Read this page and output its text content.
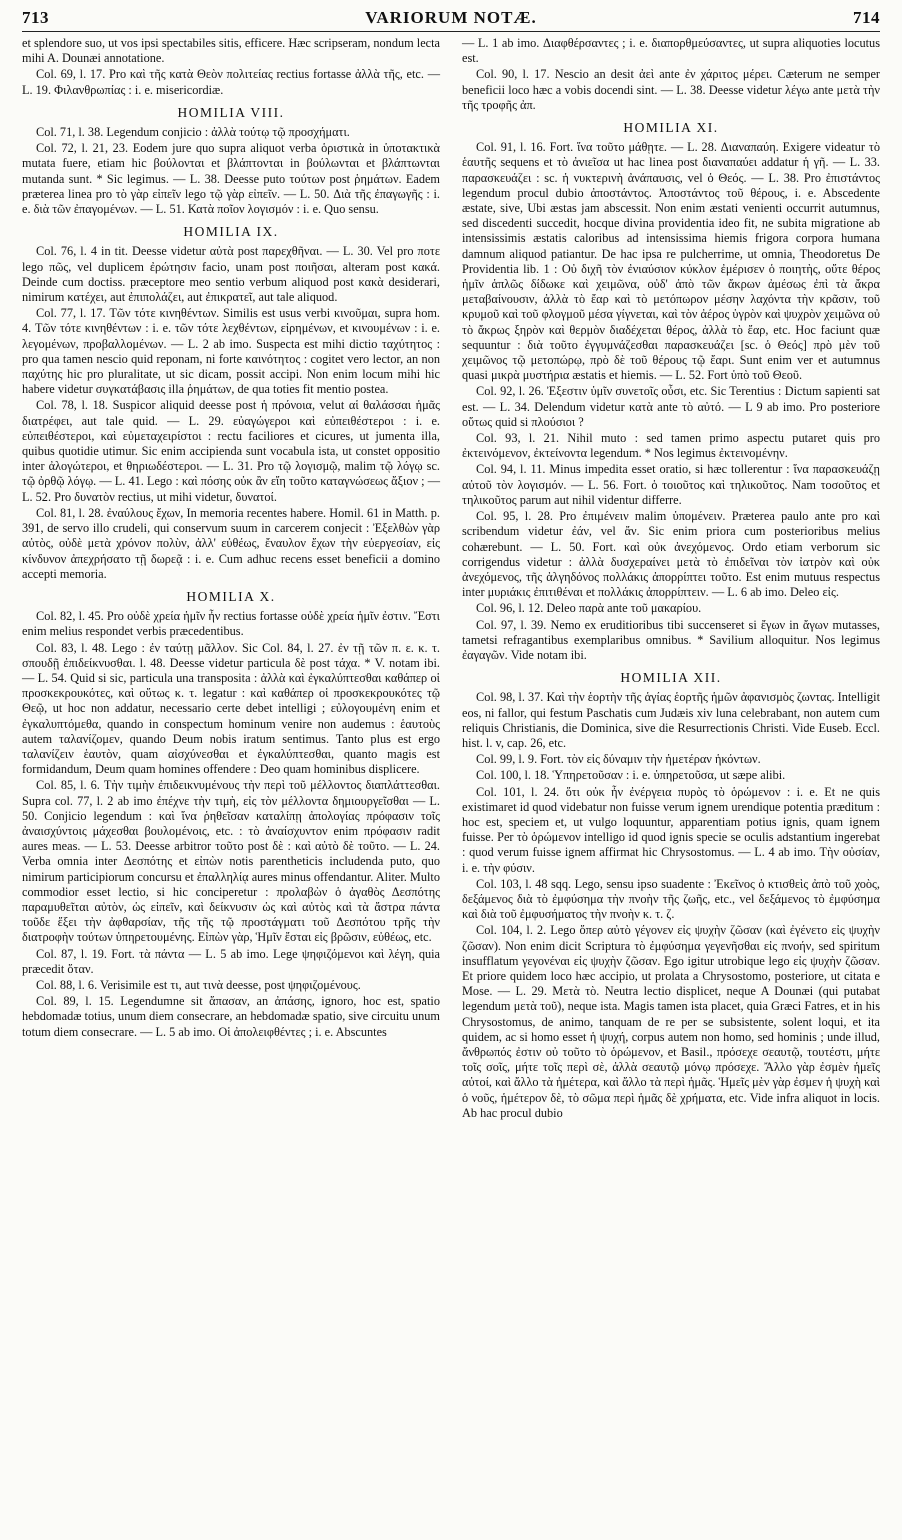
713	VARIORUM NOTÆ.	714

et splendore suo, ut vos ipsi spectabiles sitis, efficere. Hæc scripseram, nondum lecta mihi A. Dounæi annotatione.

Col. 69, l. 17. Pro καὶ τῆς κατὰ Θεὸν πολιτείας rectius fortasse ἀλλὰ τῆς, etc. — L. 19. Φιλανθρωπίας : i. e. misericordiæ.

HOMILIA VIII.

Col. 71, l. 38. Legendum conjicio : ἀλλὰ τούτῳ τῷ προσχήματι.

Col. 72, l. 21, 23. Eodem jure quo supra aliquot verba ὁριστικὰ in ὑποτακτικὰ mutata fuere, etiam hic βούλονται et βλάπτονται in βούλωνται et βλάπτωνται mutanda sunt. * Sic legimus. — L. 38. Deesse puto τούτων post ῥημάτων. Eadem præterea linea pro τὸ γὰρ εἰπεῖν lego τῷ γὰρ εἰπεῖν. — L. 50. Διὰ τῆς ἐπαγωγῆς : i. e. διὰ τῶν ἐπαγομένων. — L. 51. Κατὰ ποῖον λογισμόν : i. e. Quo sensu.

HOMILIA IX.

Col. 76, l. 4 in tit. Deesse videtur αὐτὰ post παρεχθῆναι. — L. 30. Vel pro ποτε lego πῶς, vel duplicem ἐρώτησιν facio, unam post ποιῆσαι, alteram post κακά. Deinde cum doctiss. præceptore meo sentio verbum aliquod post κακὰ desiderari, nimirum κατέχει, aut ἐπιπολάζει, aut ἐπικρατεῖ, aut tale aliquod.

Col. 77, l. 17. Τῶν τότε κινηθέντων. Similis est usus verbi κινοῦμαι, supra hom. 4. Τῶν τότε κινηθέντων : i. e. τῶν τότε λεχθέντων, εἰρημένων, et κινουμένων : i. e. λεγομένων, προβαλλομένων. — L. 2 ab imo. Suspecta est mihi dictio ταχύτητος : pro qua tamen nescio quid reponam, ni forte καινότητος : cogitet vero lector, an non παχύτης hic pro pluralitate, ut sic dicam, possit accipi. Non enim locum mihi hic habere videtur συγκατάβασις illa ῥημάτων, de qua toties fit mentio postea.

Col. 78, l. 18. Suspicor aliquid deesse post ἡ πρόνοια, velut αἱ θαλάσσαι ἡμᾶς διατρέφει, aut tale quid. — L. 29. εὐαγώγεροι καὶ εὐπειθέστεροι : i. e. εὐπειθέστεροι, καὶ εὐμεταχειρίστοι : rectu faciliores et cicures, ut jumenta illa, quibus quotidie utimur. Sic enim accipienda sunt vocabula ista, ut constet oppositio inter ἀλογώτεροι, et θηριωδέστεροι. — L. 31. Pro τῷ λογισμῷ, malim τῷ λόγῳ sc. τῷ ὀρθῷ λόγῳ. — L. 41. Lego : καὶ πόσης οὐκ ἂν εἴη τοῦτο καταγνώσεως ἄξιον ; — L. 52. Pro δυνατὸν rectius, ut mihi videtur, δυνατοί.

Col. 81, l. 28. ἐναύλους ἔχων, In memoria recentes habere. Homil. 61 in Matth. p. 391, de servo illo crudeli, qui conservum suum in carcerem conjecit : Ἐξελθὼν γὰρ αὐτὸς, οὐδὲ μετὰ χρόνον πολὺν, ἀλλ' εὐθέως, ἔναυλον ἔχων τὴν εὐεργεσίαν, εἰς κίνδυνον ἀπεχρήσατο τῇ δωρεᾷ : i. e. Cum adhuc recens esset beneficii a domino accepti memoria.

HOMILIA X.

Col. 82, l. 45. Pro οὐδὲ χρεία ἡμῖν ἦν rectius fortasse οὐδὲ χρεία ἡμῖν ἐστιν. Ἔστι enim melius respondet verbis præcedentibus.

Col. 83, l. 48. Lego : ἐν ταύτῃ μᾶλλον. Sic Col. 84, l. 27. ἐν τῇ τῶν π. ε. κ. τ. σπουδῇ ἐπιδείκνυσθαι. l. 48. Deesse videtur particula δὲ post τάχα. * V. notam ibi. — L. 54. Quid si sic, particula una transposita : ἀλλὰ καὶ ἐγκαλύπτεσθαι καθάπερ οἱ προσκεκρουκότες, καὶ οὕτως κ. τ. legatur : καὶ καθάπερ οἱ προσκεκρουκότες τῷ Θεῷ, ut hoc non addatur, necessario certe debet intelligi ; εὐλογουμένη enim et ἐγκαλυπτόμεθα, quando in conspectum hominum venire non audemus : ἑαυτοὺς autem ταλανίζομεν, quando Deum nobis iratum sentimus. Tanto plus est ergo ταλανίζειν ἑαυτὸν, quam αἰσχύνεσθαι et ἐγκαλύπτεσθαι, quanto magis est formidandum, Deum quam homines offendere : Deo quam hominibus displicere.

Col. 85, l. 6. Τὴν τιμὴν ἐπιδεικνυμένους τὴν περὶ τοῦ μέλλοντος διαπλάττεσθαι. Supra col. 77, l. 2 ab imo ἐπέχνε τὴν τιμὴ, εἰς τὸν μέλλοντα δημιουργεῖσθαι — L. 50. Conjicio legendum : καὶ ἵνα ῥηθεῖσαν καταλίπῃ ἀπολογίας πρόφασιν τοῖς ἀναισχύντοις μάχεσθαι βουλομένοις, etc. : τὸ ἀναίσχυντον enim πρόφασιν radit aures meas. — L. 53. Deesse arbitror τοῦτο post δὲ : καὶ αὐτὸ δὲ τοῦτο. — L. 24. Verba omnia inter Δεσπότης et εἰπὼν notis parentheticis includenda puto, quo nimirum participiorum concursu et ἐπαλληλίᾳ aures minus offendantur. Aliter. Multo commodior esset lectio, si hic conciperetur : προλαβὼν ὁ ἀγαθὸς Δεσπότης παραμυθεῖται αὐτὸν, ὡς εἰπεῖν, καὶ δείκνυσιν ὡς καὶ αὐτὸς καὶ τὰ ἄστρα πάντα τοῦδε ἕξει τὴν ἀφθαρσίαν, τῆς τῆς τῷ προστάγματι τοῦ Δεσπότου τρῆς τὴν διατροφὴν τούτων ὑπηρετουμένης. Εἰπὼν γὰρ, Ἡμῖν ἔσται εἰς βρῶσιν, εὐθέως, etc.

Col. 87, l. 19. Fort. τὰ πάντα — L. 5 ab imo. Lege ψηφιζόμενοι καὶ λέγη, quia præcedit ὅταν.

Col. 88, l. 6. Verisimile est τι, aut τινὰ deesse, post ψηφιζομένους.

Col. 89, l. 15. Legendumne sit ἅπασαν, an ἀπάσης, ignoro, hoc est, spatio hebdomadæ totius, unum diem consecrare, an hebdomadæ spatio, sive circuitu unum totum diem consecrare. — L. 5 ab imo. Οἱ ἀπολειφθέντες ; i. e. Abscuntes

— L. 1 ab imo. Διαφθέρσαντες ; i. e. διαπορθμεύσαντες, ut supra aliquoties locutus est.

Col. 90, l. 17. Nescio an desit ἀεὶ ante ἐν χάριτος μέρει. Cæterum ne semper beneficii loco hæc a vobis docendi sint. — L. 38. Deesse videtur λέγω ante μετὰ τὴν τῆς τροφῆς ἀπ.

HOMILIA XI.

Col. 91, l. 16. Fort. ἵνα τοῦτο μάθῃτε. — L. 28. Διαναπαύη. Exigere videatur τὸ ἑαυτῆς sequens et τὸ ἀνιεῖσα ut hac linea post διαναπαύει addatur ἡ γῆ. — L. 33. παρασκευάζει : sc. ἡ νυκτερινὴ ἀνάπαυσις, vel ὁ Θεός. — L. 38. Pro ἐπιστάντος legendum procul dubio ἀποστάντος. Ἀποστάντος τοῦ θέρους, i. e. Abscedente æstate, sive, Ubi æstas jam abscessit. Non enim æstati venienti occurrit autumnus, sed discedenti succedit, hocque divina providentia ideo fit, ne subita migratione ab intensissimis æstatis caloribus ad intensissima hiemis frigora corpora humana damnum aliquod patiantur. De hac ipsa re pulcherrime, ut omnia, Theodoretus De Providentia lib. 1 : Οὐ διχῆ τὸν ἐνιαύσιον κύκλον ἐμέρισεν ὁ ποιητὴς, οὔτε θέρος ἡμῖν ἁπλῶς δίδωκε καὶ χειμῶνα, οὐδ' ἀπὸ τῶν ἄκρων ἀμέσως ἐπὶ τὰ ἄκρα μεταβαίνουσιν, ἀλλὰ τὸ ἔαρ καὶ τὸ μετόπωρον μέσην λαχόντα τὴν κρᾶσιν, τοῦ κρυμοῦ καὶ τοῦ φλογμοῦ μέσα γίγνεται, καὶ τὸν ἀέρος ὑγρὸν καὶ ψυχρὸν χειμῶνα οὐ τὸ ἄκρως ξηρὸν καὶ θερμὸν διαδέχεται θέρος, ἀλλὰ τὸ ἔαρ, etc. Hoc faciunt quæ sequuntur : διὰ τοῦτο ἐγγυμνάζεσθαι παρασκευάζει [sc. ὁ Θεός] πρὸ μὲν τοῦ χειμῶνος τῷ μετοπώρῳ, πρὸ δὲ τοῦ θέρους τῷ ἔαρι. Sunt enim ver et autumnus quasi μικρὰ μυστήρια æstatis et hiemis. — L. 52. Fort ὑπὸ τοῦ Θεοῦ.

Col. 92, l. 26. Ἐξεστιν ὑμῖν συνετοῖς οὖσι, etc. Sic Terentius : Dictum sapienti sat est. — L. 34. Delendum videtur κατὰ ante τὸ αὐτό. — L 9 ab imo. Pro posteriore οὕτως quid si πλούσιοι ?

Col. 93, l. 21. Nihil muto : sed tamen primo aspectu putaret quis pro ἐκτεινόμενον, ἐκτείνοντα legendum. * Nos legimus ἐκτεινομένην.

Col. 94, l. 11. Minus impedita esset oratio, si hæc tollerentur : ἵνα παρασκευάζῃ αὐτοῦ τὸν λογισμόν. — L. 56. Fort. ὁ τοιοῦτος καὶ τηλικοῦτος. Nam τοσοῦτος et τηλικοῦτος parum aut nihil videntur differre.

Col. 95, l. 28. Pro ἐπιμένειν malim ὑπομένειν. Præterea paulo ante pro καὶ scribendum videtur ἐάν, vel ἄν. Sic enim priora cum posterioribus melius cohærebunt. — L. 50. Fort. καὶ οὐκ ἀνεχόμενος. Ordo etiam verborum sic corrigendus videtur : ἀλλὰ δυσχεραίνει μετὰ τὸ ἐπιδεῖναι τὸν ἰατρὸν καὶ οὐκ ἀνεχόμενος, τῆς ἀλγηδόνος πολλάκις ἀπορρίπτει τοῦτο. Est enim mutuus respectus inter μυριάκις ἐπιτιθέναι et πολλάκις ἀπορρίπτειν. — L. 6 ab imo. Deleo εἰς.

Col. 96, l. 12. Deleo παρὰ ante τοῦ μακαρίου.

Col. 97, l. 39. Nemo ex eruditioribus tibi succenseret si ἔγων in ἄγων mutasses, tametsi refragantibus exemplaribus omnibus. * Savilium alloquitur. Nos legimus ἐαγαγῶν. Vide notam ibi.

HOMILIA XII.

Col. 98, l. 37. Καὶ τὴν ἑορτὴν τῆς ἁγίας ἑορτῆς ἡμῶν ἀφανισμὸς ζωντας. Intelligit eos, ni fallor, qui festum Paschatis cum Judæis xiv luna celebrabant, non autem cum reliquis Christianis, die Dominica, sive die Resurrectionis Christi. Vide Euseb. Eccl. hist. l. v, cap. 26, etc.

Col. 99, l. 9. Fort. τὸν εἰς δύναμιν τὴν ἡμετέραν ἡκόντων.

Col. 100, l. 18. Ὑπηρετοῦσαν : i. e. ὑπηρετοῦσα, ut sæpe alibi.

Col. 101, l. 24. ὅτι οὐκ ἦν ἐνέργεια πυρὸς τὸ ὁρώμενον : i. e. Et ne quis existimaret id quod videbatur non fuisse verum ignem urendique potentia præditum : hoc est, speciem et, ut vulgo loquuntur, apparentiam potius ignis, quam ignem fuisse. Per τὸ ὁρώμενον intelligo id quod ignis specie se oculis adstantium ingerebat : quod verum fuisse ignem affirmat hic Chrysostomus. — L. 4 ab imo. Τὴν οὐσίαν, i. e. τὴν φύσιν.

Col. 103, l. 48 sqq. Lego, sensu ipso suadente : Ἐκεῖνος ὁ κτισθεὶς ἀπὸ τοῦ χοὸς, δεξάμενος διὰ τὸ ἐμφύσημα τὴν πνοὴν τῆς ζωῆς, etc., vel δεξάμενος τὸ ἐμφύσημα καὶ διὰ τοῦ ἐμφυσήματος τὴν πνοὴν κ. τ. ζ.

Col. 104, l. 2. Lego ὅπερ αὐτὸ γέγονεν εἰς ψυχὴν ζῶσαν (καὶ ἐγένετο εἰς ψυχὴν ζῶσαν). Non enim dicit Scriptura τὸ ἐμφύσημα γεγενῆσθαι εἰς πνοήν, sed spiritum insufflatum γεγονέναι εἰς ψυχὴν ζῶσαν. Ego igitur utrobique lego εἰς ψυχὴν ζῶσαν. Et priore quidem loco hæc accipio, ut prolata a Chrysostomo, posteriore, ut citata e Mose. — L. 29. Μετὰ τὸ. Neutra lectio displicet, neque A Dounæi (qui putabat legendum μετὰ τοῦ), neque ista. Magis tamen ista placet, quia Græci Fatres, et in his Chrysostomus, de animo, tanquam de re per se subsistente, solent loqui, et ita quidem, ac si homo esset ἡ ψυχή, corpus autem non homo, sed hominis ; unde illud, ἄνθρωπός ἐστιν οὐ τοῦτο τὸ ὁρώμενον, et Basil., πρόσεχε σεαυτῷ, τουτέστι, μήτε τοῖς σοῖς, μήτε τοῖς περὶ σὲ, ἀλλὰ σεαυτῷ μόνῳ πρόσεχε. Ἄλλο γὰρ ἐσμὲν ἡμεῖς αὐτοί, καὶ ἄλλο τὰ ἡμέτερα, καὶ ἄλλο τὰ περὶ ἡμᾶς. Ἡμεῖς μὲν γὰρ ἐσμεν ἡ ψυχὴ καὶ ὁ νοῦς, ἡμέτερον δὲ, τὸ σῶμα περὶ ἡμᾶς δὲ χρήματα, etc. Vide infra aliquot in locis. Ab hac procul dubio
